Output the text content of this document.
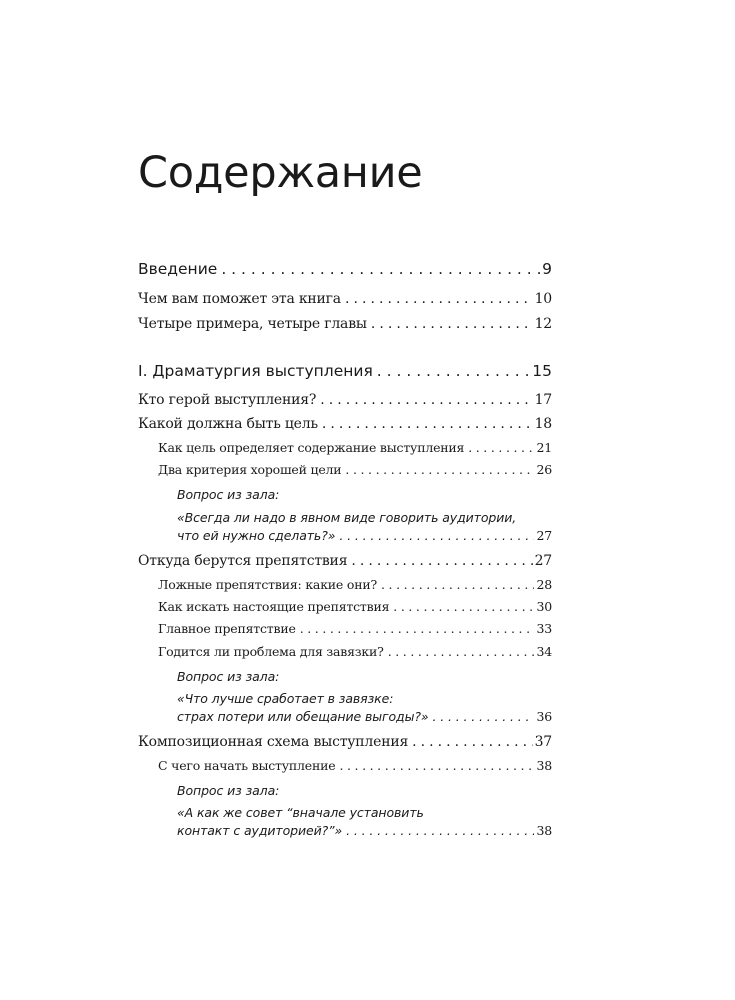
Содержание
Введение . . .	9
Чем вам поможет эта книга . . .	10
Четыре примера, четыре главы . . .	12
I. Драматургия выступления . . .	15
Кто герой выступления? . . .	17
Какой должна быть цель . . .	18
Как цель определяет содержание выступления . . .	21
Два критерия хорошей цели . . .	26
Вопрос из зала:
«Всегда ли надо в явном виде говорить аудитории,
что ей нужно сделать?» . . .	27
Откуда берутся препятствия . . .	27
Ложные препятствия: какие они? . . .	28
Как искать настоящие препятствия . . .	30
Главное препятствие . . .	33
Годится ли проблема для завязки? . . .	34
Вопрос из зала:
«Что лучше сработает в завязке:
страх потери или обещание выгоды?» . . .	36
Композиционная схема выступления . . .	37
С чего начать выступление . . .	38
Вопрос из зала:
«А как же совет “вначале установить
контакт с аудиторией?”» . . .	38
